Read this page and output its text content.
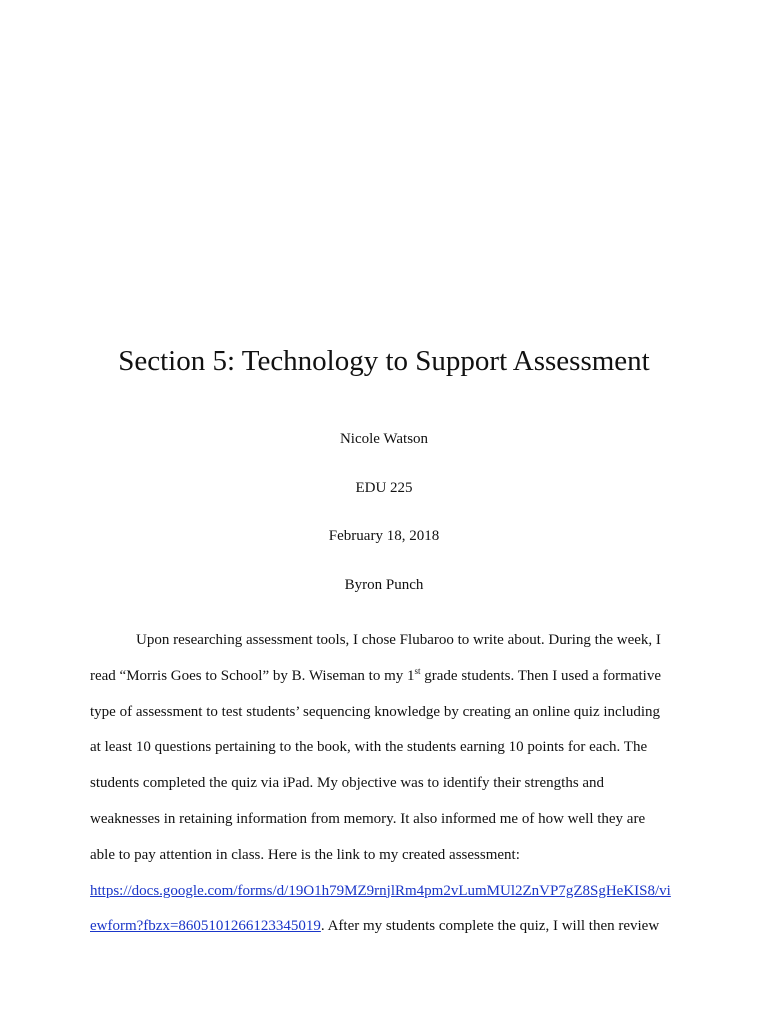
Section 5: Technology to Support Assessment
Nicole Watson
EDU 225
February 18, 2018
Byron Punch
Upon researching assessment tools, I chose Flubaroo to write about. During the week, I
read “Morris Goes to School” by B. Wiseman to my 1st grade students. Then I used a formative
type of assessment to test students’ sequencing knowledge by creating an online quiz including
at least 10 questions pertaining to the book, with the students earning 10 points for each. The
students completed the quiz via iPad. My objective was to identify their strengths and
weaknesses in retaining information from memory. It also informed me of how well they are
able to pay attention in class. Here is the link to my created assessment:
https://docs.google.com/forms/d/19O1h79MZ9rnjlRm4pm2vLumMUl2ZnVP7gZ8SgHeKIS8/vi
ewform?fbzx=8605101266123345019. After my students complete the quiz, I will then review
